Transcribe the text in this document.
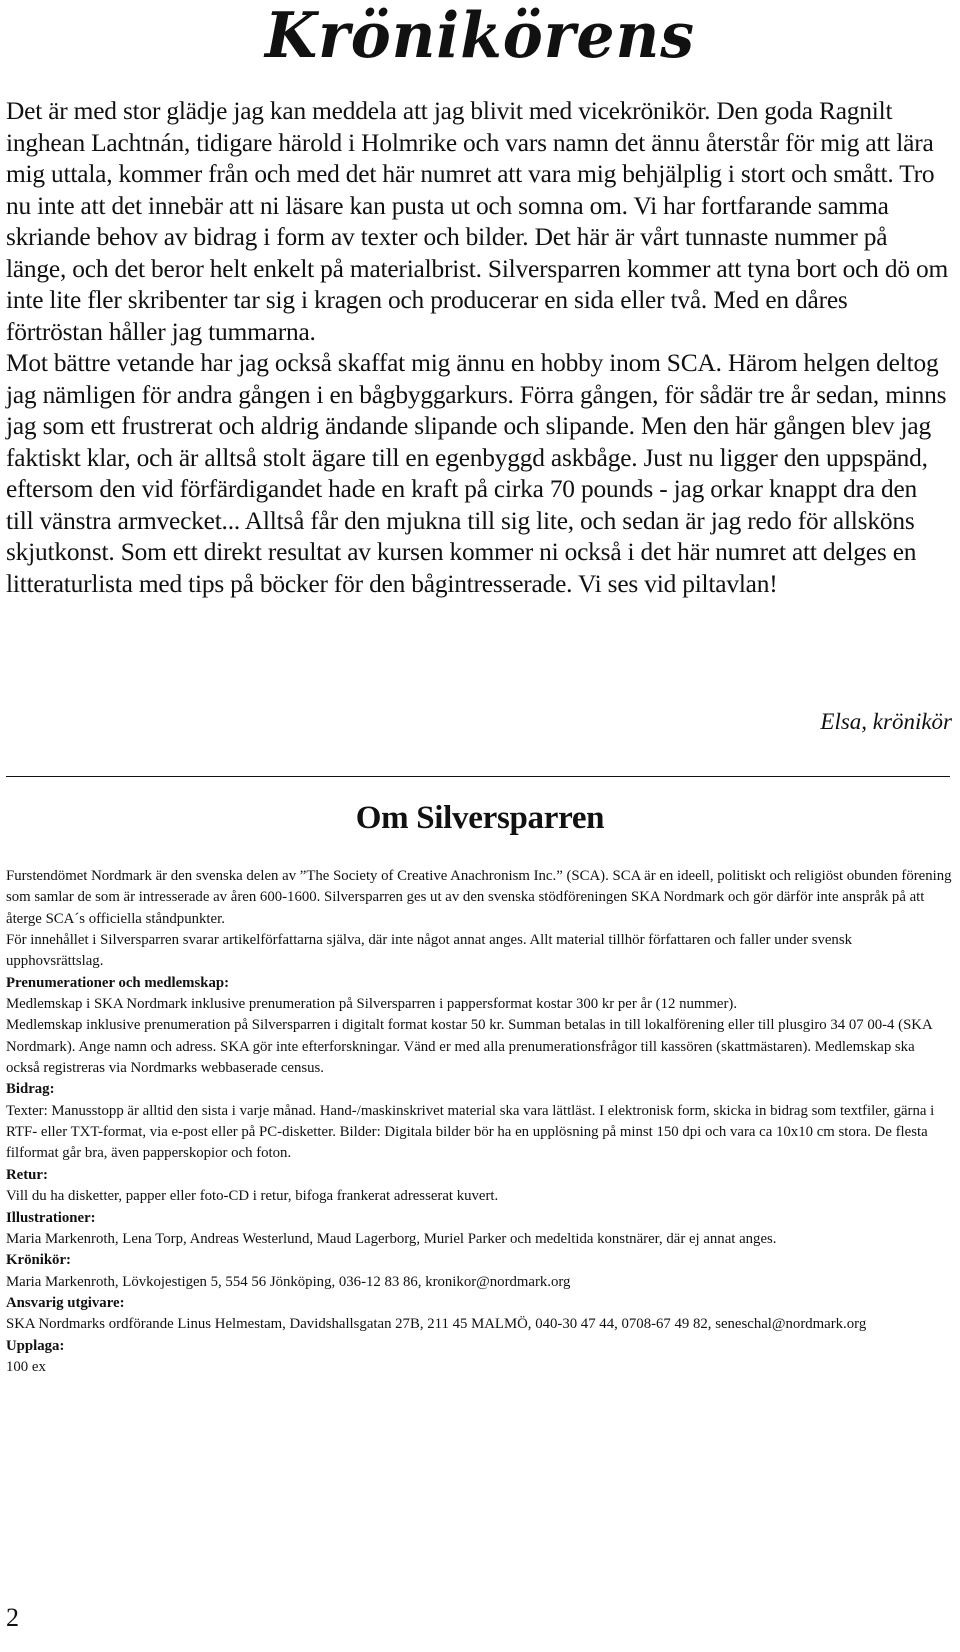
Krönikörens

Det är med stor glädje jag kan meddela att jag blivit med vicekrönikör. Den goda Ragnilt inghean Lachtnán, tidigare härold i Holmrike och vars namn det ännu återstår för mig att lära mig uttala, kommer från och med det här numret att vara mig behjälplig i stort och smått. Tro nu inte att det innebär att ni läsare kan pusta ut och somna om. Vi har fortfarande samma skriande behov av bidrag i form av texter och bilder. Det här är vårt tunnaste nummer på länge, och det beror helt enkelt på materialbrist. Silversparren kommer att tyna bort och dö om inte lite fler skribenter tar sig i kragen och producerar en sida eller två. Med en dåres förtröstan håller jag tummarna.

Mot bättre vetande har jag också skaffat mig ännu en hobby inom SCA. Härom helgen deltog jag nämligen för andra gången i en bågbyggarkurs. Förra gången, för sådär tre år sedan, minns jag som ett frustrerat och aldrig ändande slipande och slipande. Men den här gången blev jag faktiskt klar, och är alltså stolt ägare till en egenbyggd askbåge. Just nu ligger den uppspänd, eftersom den vid förfärdigandet hade en kraft på cirka 70 pounds - jag orkar knappt dra den till vänstra armvecket... Alltså får den mjukna till sig lite, och sedan är jag redo för allsköns skjutkonst. Som ett direkt resultat av kursen kommer ni också i det här numret att delges en litteraturlista med tips på böcker för den bågintresserade. Vi ses vid piltavlan!

Elsa, krönikör
Om Silversparren

Furstendömet Nordmark är den svenska delen av ”The Society of Creative Anachronism Inc.” (SCA). SCA är en ideell, politiskt och religiöst obunden förening som samlar de som är intresserade av åren 600-1600. Silversparren ges ut av den svenska stödföreningen SKA Nordmark och gör därför inte anspråk på att återge SCA´s officiella ståndpunkter.

För innehållet i Silversparren svarar artikelförfattarna själva, där inte något annat anges. Allt material tillhör författaren och faller under svensk upphovsrättslag.

Prenumerationer och medlemskap:

Medlemskap i SKA Nordmark inklusive prenumeration på Silversparren i pappersformat kostar 300 kr per år (12 nummer).

Medlemskap inklusive prenumeration på Silversparren i digitalt format kostar 50 kr. Summan betalas in till lokalförening eller till plusgiro 34 07 00-4 (SKA Nordmark). Ange namn och adress. SKA gör inte efterforskningar. Vänd er med alla prenumerationsfrågor till kassören (skattmästaren). Medlemskap ska också registreras via Nordmarks webbaserade census.

Bidrag:

Texter: Manusstopp är alltid den sista i varje månad. Hand-/maskinskrivet material ska vara lättläst. I elektronisk form, skicka in bidrag som textfiler, gärna i RTF- eller TXT-format, via e-post eller på PC-disketter. Bilder: Digitala bilder bör ha en upplösning på minst 150 dpi och vara ca 10x10 cm stora. De flesta filformat går bra, även papperskopior och foton.

Retur:

Vill du ha disketter, papper eller foto-CD i retur, bifoga frankerat adresserat kuvert.

Illustrationer:

Maria Markenroth, Lena Torp, Andreas Westerlund, Maud Lagerborg, Muriel Parker och medeltida konstnärer, där ej annat anges.

Krönikör:

Maria Markenroth, Lövkojestigen 5, 554 56 Jönköping, 036-12 83 86, kronikor@nordmark.org

Ansvarig utgivare:

SKA Nordmarks ordförande Linus Helmestam, Davidshallsgatan 27B, 211 45 MALMÖ, 040-30 47 44, 0708-67 49 82, seneschal@nordmark.org

Upplaga:

100 ex

2
